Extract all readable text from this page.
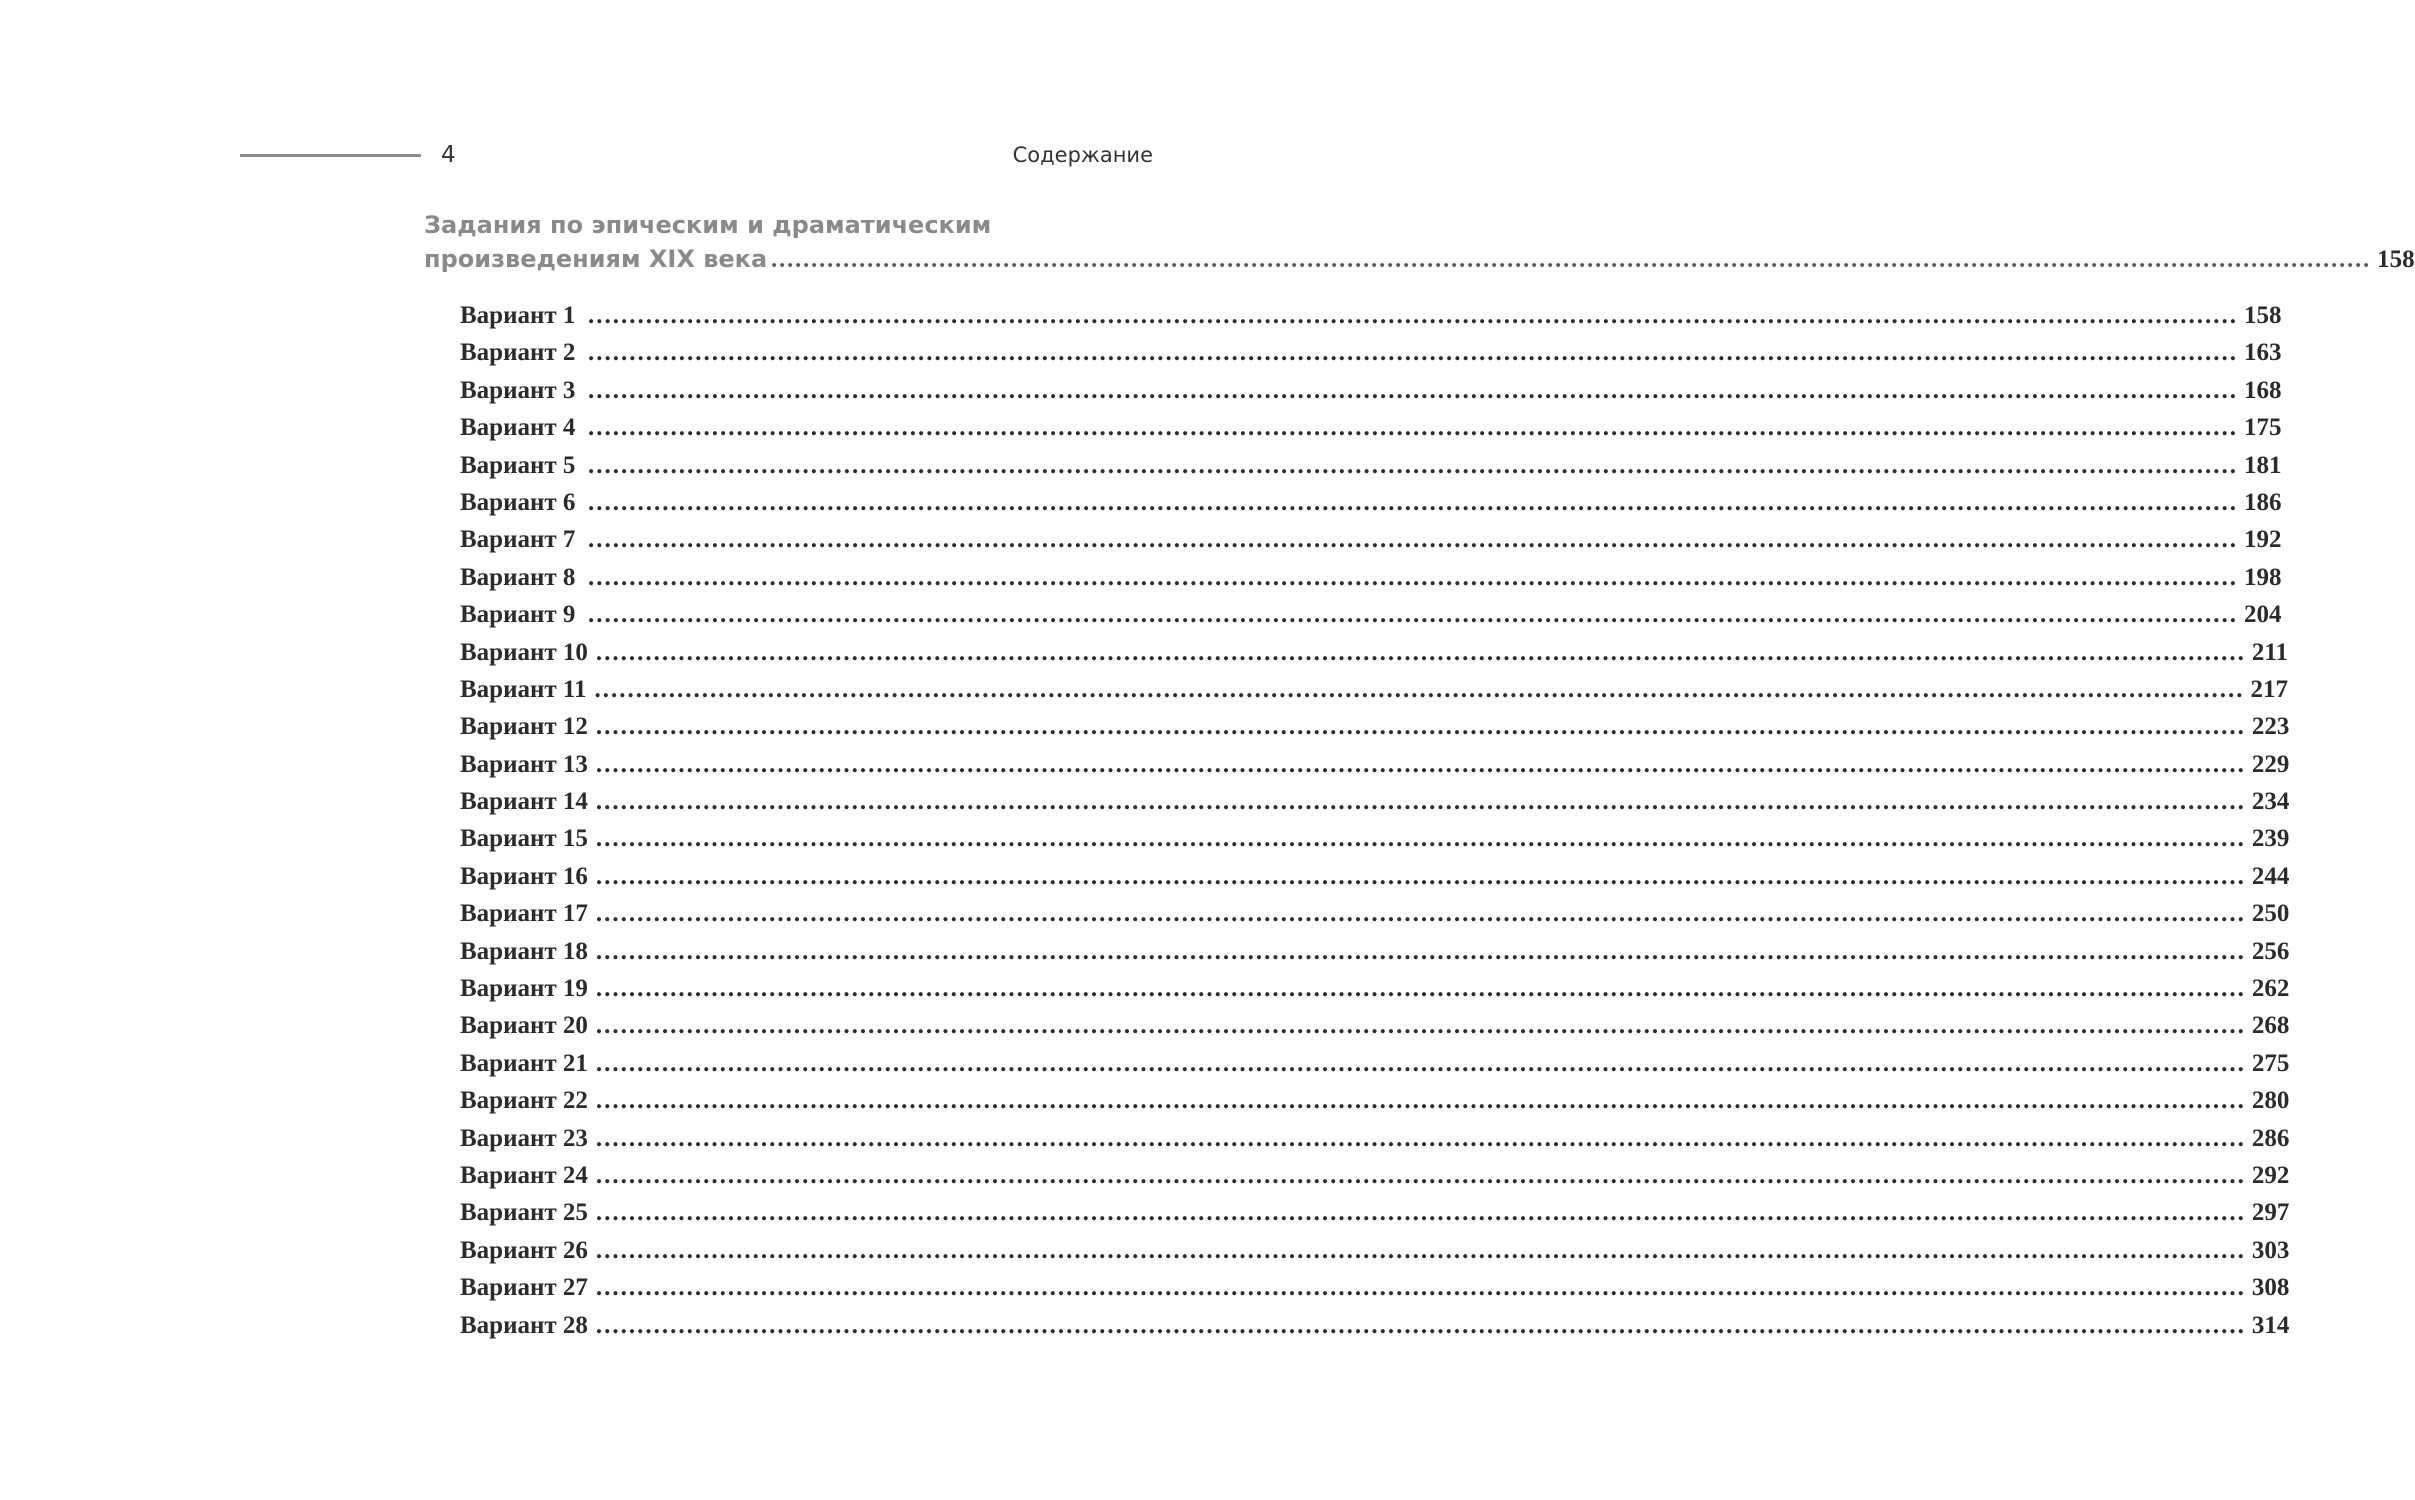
4	Содержание
Задания по эпическим и драматическим
произведениям XIX века ........................................................................................................................................................................................................ 158
Вариант 1 ........................................................................................................................................................................................................ 158
Вариант 2 ........................................................................................................................................................................................................ 163
Вариант 3 ........................................................................................................................................................................................................ 168
Вариант 4 ........................................................................................................................................................................................................ 175
Вариант 5 ........................................................................................................................................................................................................ 181
Вариант 6 ........................................................................................................................................................................................................ 186
Вариант 7 ........................................................................................................................................................................................................ 192
Вариант 8 ........................................................................................................................................................................................................ 198
Вариант 9 ........................................................................................................................................................................................................ 204
Вариант 10 ........................................................................................................................................................................................................ 211
Вариант 11 ........................................................................................................................................................................................................ 217
Вариант 12 ........................................................................................................................................................................................................ 223
Вариант 13 ........................................................................................................................................................................................................ 229
Вариант 14 ........................................................................................................................................................................................................ 234
Вариант 15 ........................................................................................................................................................................................................ 239
Вариант 16 ........................................................................................................................................................................................................ 244
Вариант 17 ........................................................................................................................................................................................................ 250
Вариант 18 ........................................................................................................................................................................................................ 256
Вариант 19 ........................................................................................................................................................................................................ 262
Вариант 20 ........................................................................................................................................................................................................ 268
Вариант 21 ........................................................................................................................................................................................................ 275
Вариант 22 ........................................................................................................................................................................................................ 280
Вариант 23 ........................................................................................................................................................................................................ 286
Вариант 24 ........................................................................................................................................................................................................ 292
Вариант 25 ........................................................................................................................................................................................................ 297
Вариант 26 ........................................................................................................................................................................................................ 303
Вариант 27 ........................................................................................................................................................................................................ 308
Вариант 28 ........................................................................................................................................................................................................ 314
